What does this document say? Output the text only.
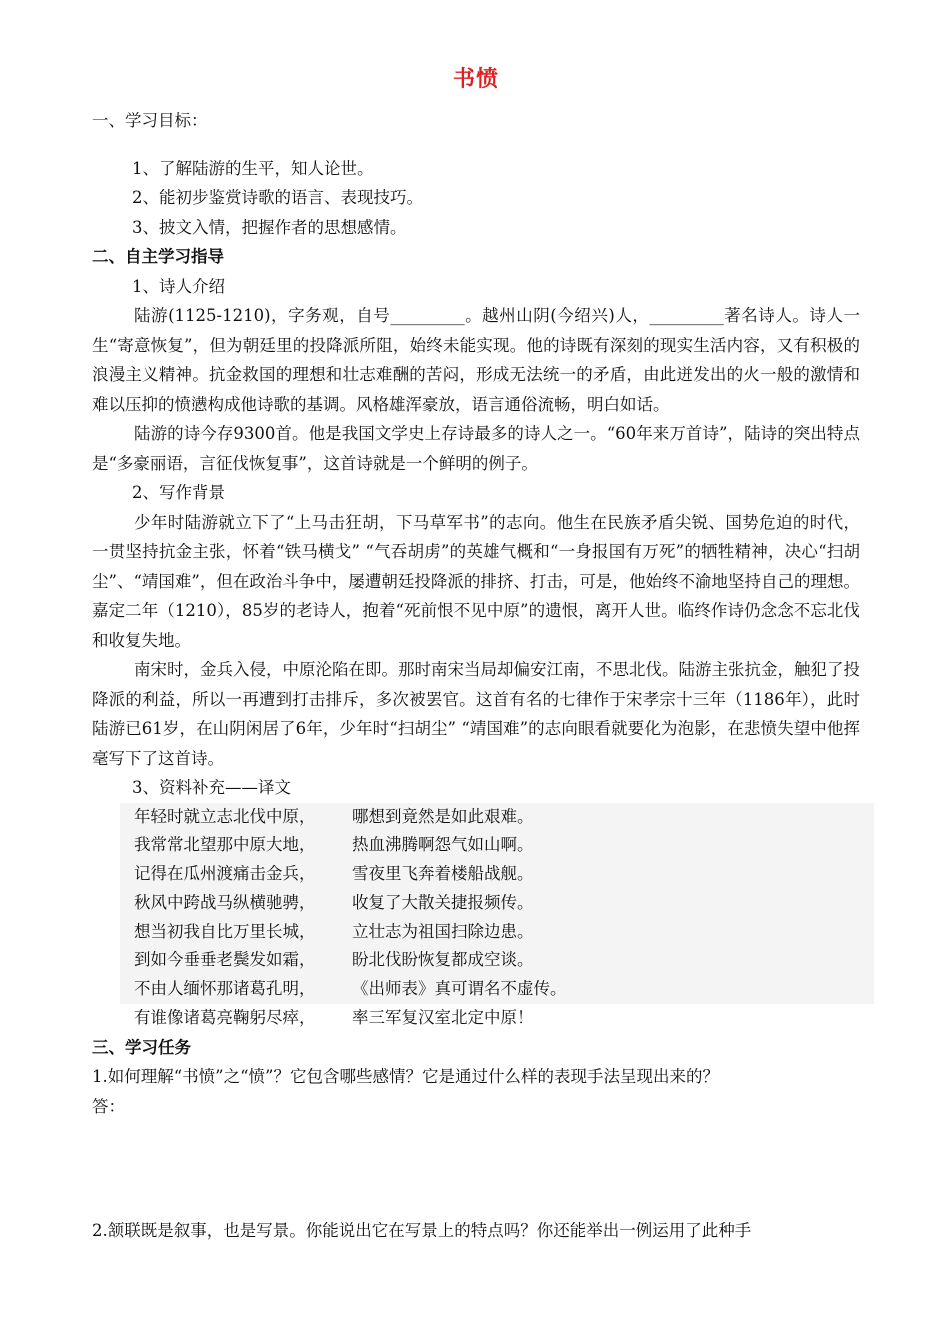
书愤
一、学习目标：
1、了解陆游的生平，知人论世。
2、能初步鉴赏诗歌的语言、表现技巧。
3、披文入情，把握作者的思想感情。
二、自主学习指导
1、诗人介绍

陆游(1125-1210)，字务观，自号_________。越州山阴(今绍兴)人，_________著名诗人。诗人一生“寄意恢复”，但为朝廷里的投降派所阻，始终未能实现。他的诗既有深刻的现实生活内容，又有积极的浪漫主义精神。抗金救国的理想和壮志难酬的苦闷，形成无法统一的矛盾，由此迸发出的火一般的激情和难以压抑的愤懑构成他诗歌的基调。风格雄浑豪放，语言通俗流畅，明白如话。

陆游的诗今存9300首。他是我国文学史上存诗最多的诗人之一。“60年来万首诗”，陆诗的突出特点是“多豪丽语，言征伐恢复事”，这首诗就是一个鲜明的例子。

2、写作背景

少年时陆游就立下了“上马击狂胡，下马草军书”的志向。他生在民族矛盾尖锐、国势危迫的时代，一贯坚持抗金主张，怀着“铁马横戈” “气吞胡虏”的英雄气概和“一身报国有万死”的牺牲精神，决心“扫胡尘”、“靖国难”，但在政治斗争中，屡遭朝廷投降派的排挤、打击，可是，他始终不渝地坚持自己的理想。嘉定二年（1210），85岁的老诗人，抱着“死前恨不见中原”的遗恨，离开人世。临终作诗仍念念不忘北伐和收复失地。

南宋时，金兵入侵，中原沦陷在即。那时南宋当局却偏安江南，不思北伐。陆游主张抗金，触犯了投降派的利益，所以一再遭到打击排斥，多次被罢官。这首有名的七律作于宋孝宗十三年（1186年），此时陆游已61岁，在山阴闲居了6年，少年时“扫胡尘” “靖国难”的志向眼看就要化为泡影，在悲愤失望中他挥毫写下了这首诗。

3、资料补充——译文
年轻时就立志北伐中原，	哪想到竟然是如此艰难。
我常常北望那中原大地，	热血沸腾啊怨气如山啊。
记得在瓜州渡痛击金兵，	雪夜里飞奔着楼船战舰。
秋风中跨战马纵横驰骋，	收复了大散关捷报频传。
想当初我自比万里长城，	立壮志为祖国扫除边患。
到如今垂垂老鬓发如霜，	盼北伐盼恢复都成空谈。
不由人缅怀那诸葛孔明，	《出师表》真可谓名不虚传。
有谁像诸葛亮鞠躬尽瘁，	率三军复汉室北定中原！
三、学习任务
1.如何理解“书愤”之“愤”？它包含哪些感情？它是通过什么样的表现手法呈现出来的？
答：
2.颔联既是叙事，也是写景。你能说出它在写景上的特点吗？你还能举出一例运用了此种手
